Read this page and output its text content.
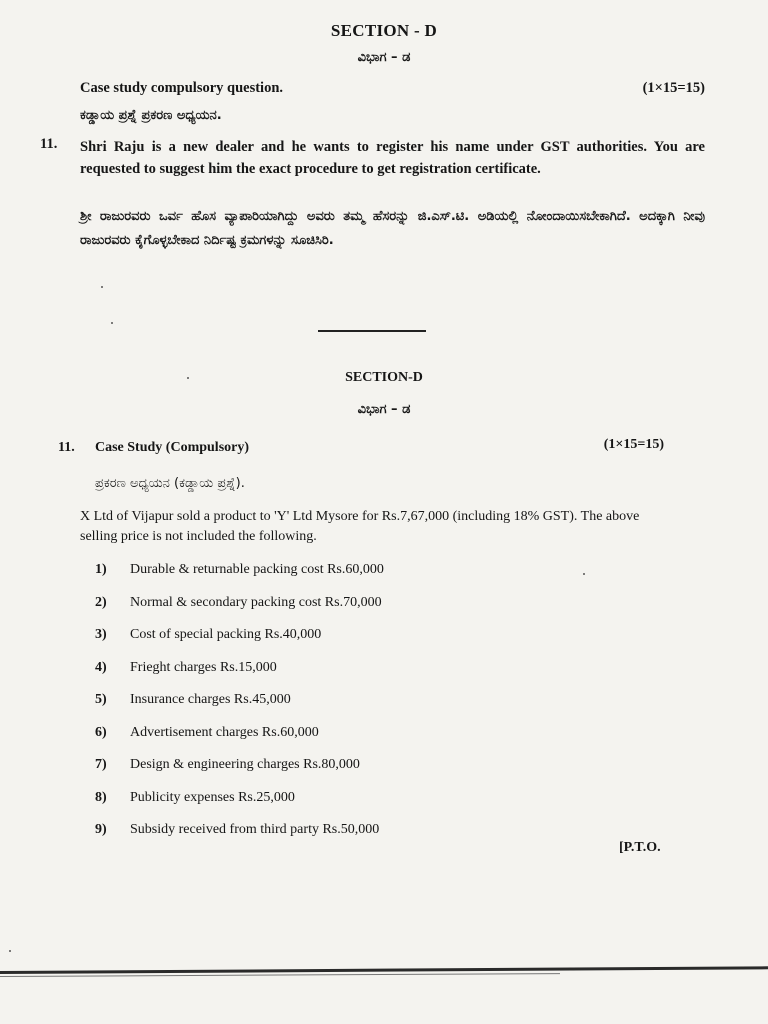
SECTION - D
ವಿಭಾಗ – ಡ
Case study compulsory question.	(1×15=15)
ಕಡ್ಡಾಯ ಪ್ರಶ್ನೆ ಪ್ರಕರಣ ಅಧ್ಯಯನ.
11. Shri Raju is a new dealer and he wants to register his name under GST authorities. You are requested to suggest him the exact procedure to get registration certificate.
ಶ್ರೀ ರಾಜುರವರು ಒರ್ವ ಹೊಸ ವ್ಯಾಪಾರಿಯಾಗಿದ್ದು ಅವರು ತಮ್ಮ ಹೆಸರನ್ನು ಜಿ.ಎಸ್.ಟಿ. ಅಡಿಯಲ್ಲಿ ನೋಂದಾಯಿಸಬೇಕಾಗಿದೆ. ಅದಕ್ಕಾಗಿ ನೀವು ರಾಜುರವರು ಕೈಗೊಳ್ಳಬೇಕಾದ ನಿರ್ದಿಷ್ಟ ಕ್ರಮಗಳನ್ನು ಸೂಚಿಸಿರಿ.
SECTION-D
ವಿಭಾಗ – ಡ
11. Case Study (Compulsory)	(1×15=15)
ಪ್ರಕರಣ ಅಧ್ಯಯನ (ಕಡ್ಡಾಯ ಪ್ರಶ್ನೆ).
X Ltd of Vijapur sold a product to 'Y' Ltd Mysore for Rs.7,67,000 (including 18% GST). The above selling price is not included the following.
1) Durable & returnable packing cost Rs.60,000
2) Normal & secondary packing cost Rs.70,000
3) Cost of special packing Rs.40,000
4) Frieght charges Rs.15,000
5) Insurance charges Rs.45,000
6) Advertisement charges Rs.60,000
7) Design & engineering charges Rs.80,000
8) Publicity expenses Rs.25,000
9) Subsidy received from third party Rs.50,000
[P.T.O.
